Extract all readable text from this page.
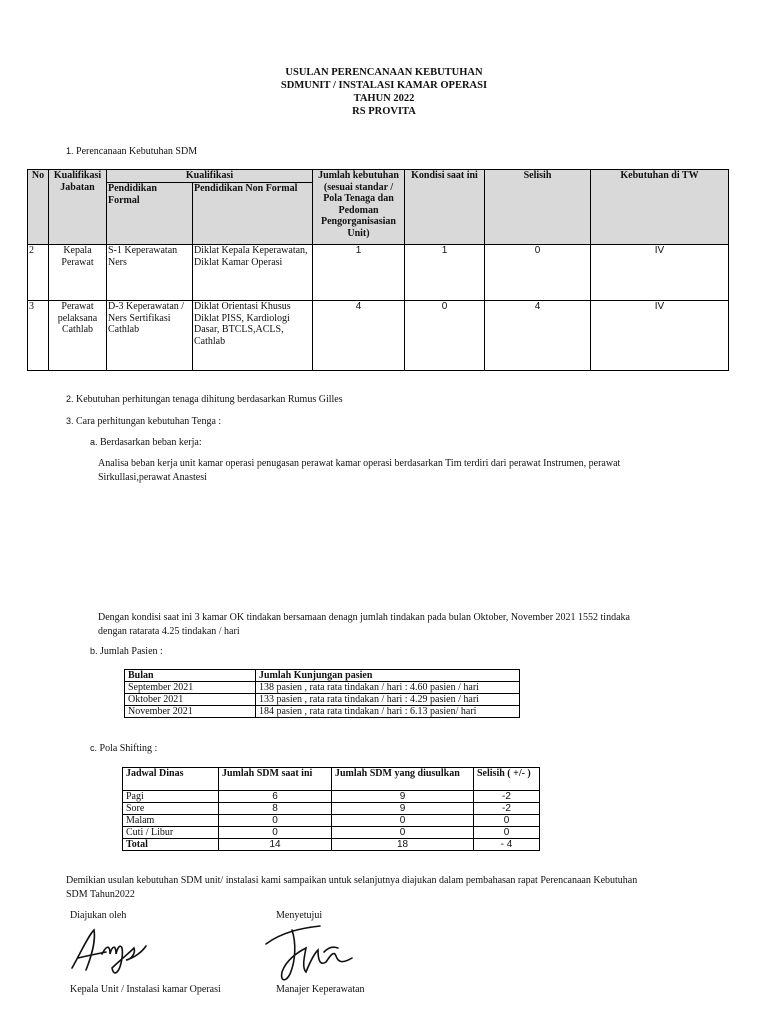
USULAN PERENCANAAN KEBUTUHAN
SDMUNIT / INSTALASI KAMAR OPERASI
TAHUN 2022
RS PROVITA
1. Perencanaan Kebutuhan SDM
No	Kualifikasi Jabatan	Kualifikasi		Jumlah kebutuhan (sesuai standar / Pola Tenaga dan Pedoman Pengorganisasian Unit)	Kondisi saat ini	Selisih	Kebutuhan di TW
		Pendidikan Formal	Pendidikan Non Formal				
2	Kepala Perawat	S-1 Keperawatan Ners	Diklat Kepala Keperawatan, Diklat Kamar Operasi	1	1	0	IV
3	Perawat pelaksana Cathlab	D-3 Keperawatan / Ners Sertifikasi Cathlab	Diklat Orientasi Khusus Diklat PISS, Kardiologi Dasar, BTCLS,ACLS, Cathlab	4	0	4	IV
2. Kebutuhan perhitungan tenaga dihitung berdasarkan Rumus Gilles
3. Cara perhitungan kebutuhan Tenga :
a. Berdasarkan beban kerja:
Analisa beban kerja unit kamar operasi penugasan perawat kamar operasi berdasarkan Tim terdiri dari perawat Instrumen, perawat
Sirkullasi,perawat Anastesi
Dengan kondisi saat ini 3 kamar OK tindakan bersamaan denagn jumlah tindakan pada bulan Oktober, November 2021 1552 tindaka
dengan ratarata 4.25 tindakan / hari
b. Jumlah Pasien :
Bulan	Jumlah Kunjungan pasien
September 2021	138 pasien , rata rata tindakan / hari : 4.60 pasien / hari
Oktober 2021	133 pasien , rata rata tindakan / hari : 4.29 pasien / hari
November 2021	184 pasien , rata rata tindakan / hari : 6.13 pasien/ hari
c. Pola Shifting :
Jadwal Dinas	Jumlah SDM saat ini	Jumlah SDM yang diusulkan	Selisih ( +/- )
Pagi	6	9	-2
Sore	8	9	-2
Malam	0	0	0
Cuti / Libur	0	0	0
Total	14	18	- 4
Demikian usulan kebutuhan SDM unit/ instalasi kami sampaikan untuk selanjutnya diajukan dalam pembahasan rapat Perencanaan Kebutuhan
SDM Tahun2022
Diajukan oleh	Menyetujui
Kepala Unit / Instalasi kamar Operasi	Manajer Keperawatan
